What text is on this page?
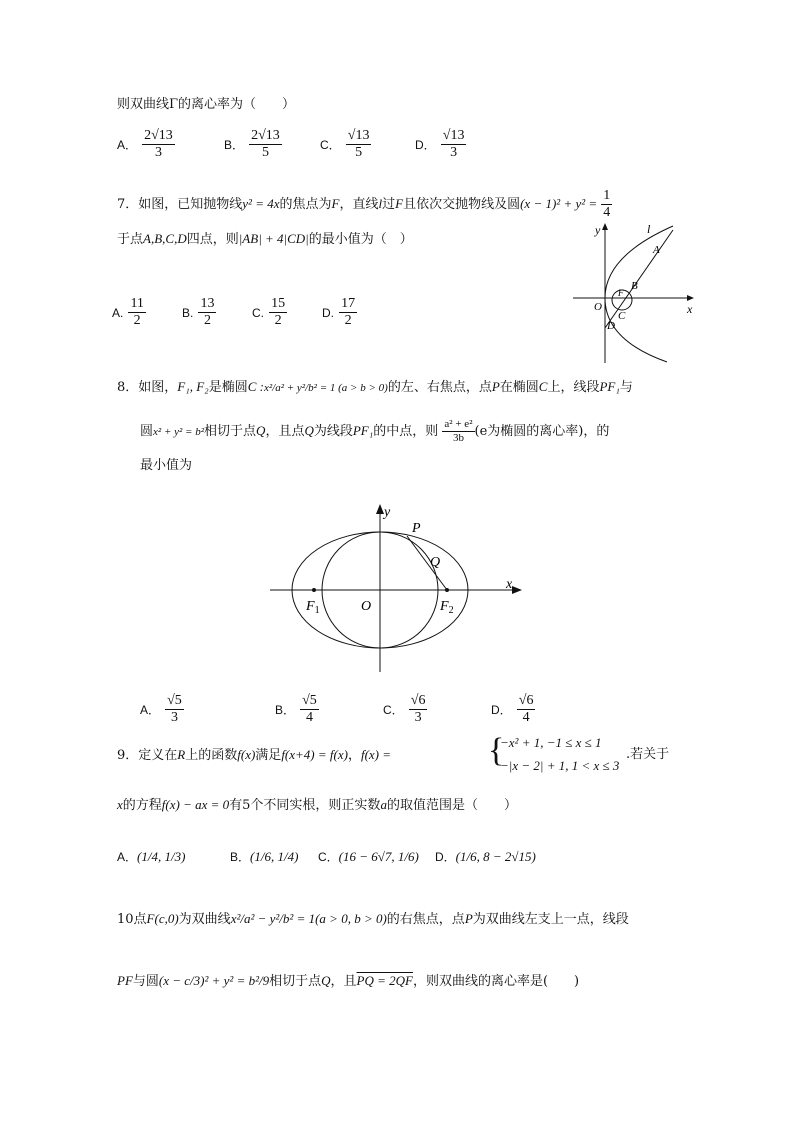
则双曲线Γ的离心率为（　　）
A． $\frac{2√13}{3}$	B． $\frac{2√13}{5}$	C． $\frac{√13}{5}$	D． $\frac{√13}{3}$
7．如图，已知抛物线y² = 4x的焦点为F，直线l过F且依次交抛物线及圆$(x - 1)^2 + y^2 = \frac{1}{4}$
于点A,B,C,D四点，则|AB| + 4|CD|的最小值为（　）
A. $\frac{11}{2}$	B. $\frac{13}{2}$	C. $\frac{15}{2}$	D. $\frac{17}{2}$
y	l
A
B
O
F
C
D
x
8．如图，F₁, F₂是椭圆C :x²/a² + y²/b² = 1 (a > b > 0)的左、右焦点，点P在椭圆C上，线段PF₁与
圆x² + y² = b²相切于点Q，且点Q为线段PF₁的中点，则 $\frac{\text{a² + e²}}{3b} (e$为椭圆的离心率)，的
最小值为
y
P
Q
x
$F_1$	O	$F_2$
A． $\frac{√5}{3}$	B． $\frac{√5}{4}$	C． $\frac{√6}{3}$	D． $\frac{√6}{4}$
9．定义在R上的函数f(x)满足f(x+4) = f(x)，f(x) =	{
−x² + 1, −1 ≤ x ≤ 1
−|x − 2| + 1, 1 < x ≤ 3
.若关于
x的方程f(x) − ax = 0有5个不同实根，则正实数a的取值范围是（　　）
A．(1/4, 1/3)	B．(1/6, 1/4) C．(16 − 6√7, 1/6) D．(1/6, 8 − 2√15)
10点F(c,0)为双曲线x²/a² − y²/b² = 1(a > 0, b > 0)的右焦点，点P为双曲线左支上一点，线段
PF与圆(x − c/3)² + y² = b²/9相切于点Q，且PQ = 2QF，则双曲线的离心率是(　　)
